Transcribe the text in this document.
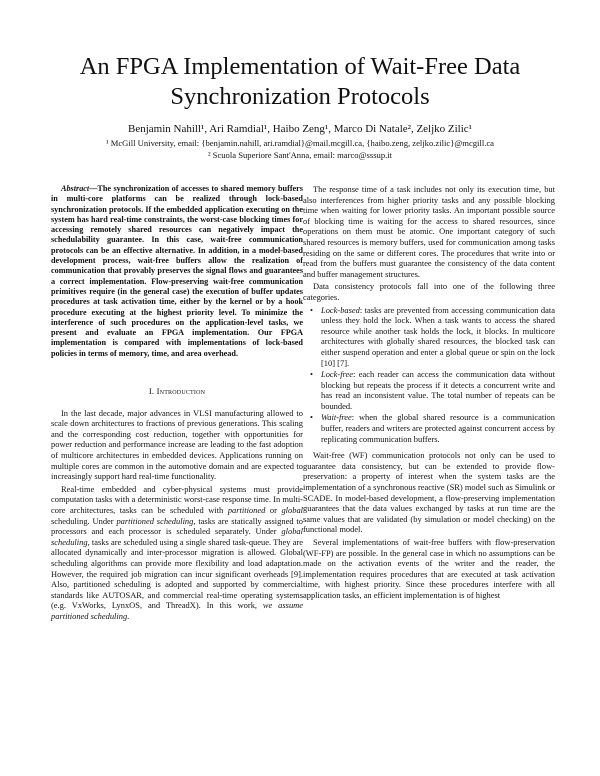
An FPGA Implementation of Wait-Free Data Synchronization Protocols
Benjamin Nahill¹, Ari Ramdial¹, Haibo Zeng¹, Marco Di Natale², Zeljko Zilic¹
¹ McGill University, email: {benjamin.nahill, ari.ramdial}@mail.mcgill.ca, {haibo.zeng, zeljko.zilic}@mcgill.ca
² Scuola Superiore Sant'Anna, email: marco@sssup.it

Abstract—The synchronization of accesses to shared memory buffers in multi-core platforms can be realized through lock-based synchronization protocols. If the embedded application executing on the system has hard real-time constraints, the worst-case blocking times for accessing remotely shared resources can negatively impact the schedulability guarantee. In this case, wait-free communication protocols can be an effective alternative. In addition, in a model-based development process, wait-free buffers allow the realization of communication that provably preserves the signal flows and guarantees a correct implementation. Flow-preserving wait-free communication primitives require (in the general case) the execution of buffer updates procedures at task activation time, either by the kernel or by a hook procedure executing at the highest priority level. To minimize the interference of such procedures on the application-level tasks, we present and evaluate an FPGA implementation. Our FPGA implementation is compared with implementations of lock-based policies in terms of memory, time, and area overhead.

I. Introduction

In the last decade, major advances in VLSI manufacturing allowed to scale down architectures to fractions of previous generations. This scaling and the corresponding cost reduction, together with opportunities for power reduction and performance increase are leading to the fast adoption of multicore architectures in embedded devices. Applications running on multiple cores are common in the automotive domain and are expected to increasingly support hard real-time functionality.

Real-time embedded and cyber-physical systems must provide computation tasks with a deterministic worst-case response time. In multi-core architectures, tasks can be scheduled with partitioned or global scheduling. Under partitioned scheduling, tasks are statically assigned to processors and each processor is scheduled separately. Under global scheduling, tasks are scheduled using a single shared task-queue. They are allocated dynamically and inter-processor migration is allowed. Global scheduling algorithms can provide more flexibility and load adaptation. However, the required job migration can incur significant overheads [9]. Also, partitioned scheduling is adopted and supported by commercial standards like AUTOSAR, and commercial real-time operating systems (e.g. VxWorks, LynxOS, and ThreadX). In this work, we assume partitioned scheduling.

The response time of a task includes not only its execution time, but also interferences from higher priority tasks and any possible blocking time when waiting for lower priority tasks. An important possible source of blocking time is waiting for the access to shared resources, since operations on them must be atomic. One important category of such shared resources is memory buffers, used for communication among tasks residing on the same or different cores. The procedures that write into or read from the buffers must guarantee the consistency of the data content and buffer management structures.

Data consistency protocols fall into one of the following three categories.

• Lock-based: tasks are prevented from accessing communication data unless they hold the lock. When a task wants to access the shared resource while another task holds the lock, it blocks. In multicore architectures with globally shared resources, the blocked task can either suspend operation and enter a global queue or spin on the lock [10] [7].
• Lock-free: each reader can access the communication data without blocking but repeats the process if it detects a concurrent write and has read an inconsistent value. The total number of repeats can be bounded.
• Wait-free: when the global shared resource is a communication buffer, readers and writers are protected against concurrent access by replicating communication buffers.

Wait-free (WF) communication protocols not only can be used to guarantee data consistency, but can be extended to provide flow-preservation: a property of interest when the system tasks are the implementation of a synchronous reactive (SR) model such as Simulink or SCADE. In model-based development, a flow-preserving implementation guarantees that the data values exchanged by tasks at run time are the same values that are validated (by simulation or model checking) on the functional model.

Several implementations of wait-free buffers with flow-preservation (WF-FP) are possible. In the general case in which no assumptions can be made on the activation events of the writer and the reader, the implementation requires procedures that are executed at task activation time, with highest priority. Since these procedures interfere with all application tasks, an efficient implementation is of highest
